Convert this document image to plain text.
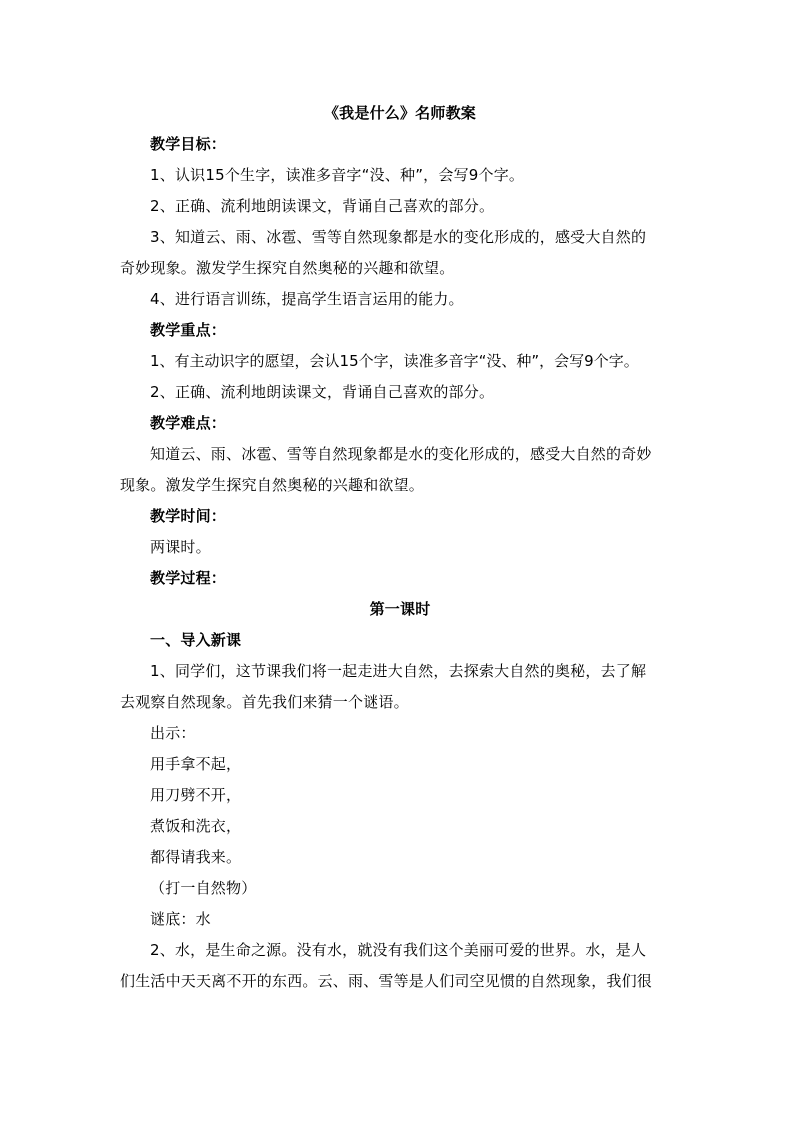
《我是什么》名师教案
教学目标：
1、认识15个生字，读准多音字“没、种”，会写9个字。
2、正确、流利地朗读课文，背诵自己喜欢的部分。
3、知道云、雨、冰雹、雪等自然现象都是水的变化形成的，感受大自然的
奇妙现象。激发学生探究自然奥秘的兴趣和欲望。
4、进行语言训练，提高学生语言运用的能力。
教学重点：
1、有主动识字的愿望，会认15个字，读准多音字“没、种”，会写9个字。
2、正确、流利地朗读课文，背诵自己喜欢的部分。
教学难点：
知道云、雨、冰雹、雪等自然现象都是水的变化形成的，感受大自然的奇妙
现象。激发学生探究自然奥秘的兴趣和欲望。
教学时间：
两课时。
教学过程：
第一课时
一、导入新课
1、同学们，这节课我们将一起走进大自然，去探索大自然的奥秘，去了解
去观察自然现象。首先我们来猜一个谜语。
出示：
用手拿不起，
用刀劈不开，
煮饭和洗衣，
都得请我来。
（打一自然物）
谜底：水
2、水，是生命之源。没有水，就没有我们这个美丽可爱的世界。水，是人
们生活中天天离不开的东西。云、雨、雪等是人们司空见惯的自然现象，我们很
